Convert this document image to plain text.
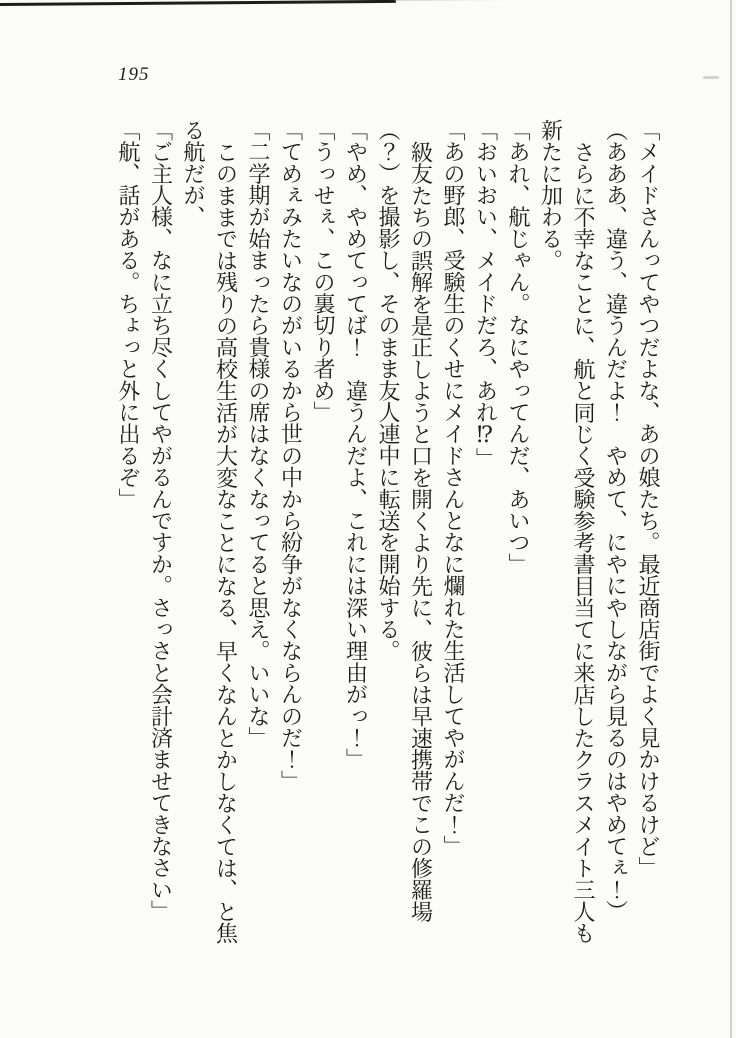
195

「メイドさんってやつだよな、あの娘たち。最近商店街でよく見かけるけど」

（あああ、違う、違うんだよ！　やめて、にやにやしながら見るのはやめてぇ！）

さらに不幸なことに、航と同じく受験参考書目当てに来店したクラスメイト三人も

新たに加わる。

「あれ、航じゃん。なにやってんだ、あいつ」

「おいおい、メイドだろ、あれ⁉」

「あの野郎、受験生のくせにメイドさんとなに爛れた生活してやがんだ！」

級友たちの誤解を是正しようと口を開くより先に、彼らは早速携帯でこの修羅場

（？）を撮影し、そのまま友人連中に転送を開始する。

「やめ、やめてってば！　違うんだよ、これには深い理由がっ！」

「うっせぇ、この裏切り者め」

「てめぇみたいなのがいるから世の中から紛争がなくならんのだ！」

「二学期が始まったら貴様の席はなくなってると思え。いいな」

このままでは残りの高校生活が大変なことになる、早くなんとかしなくては、と焦

る航だが、

「ご主人様、なに立ち尽くしてやがるんですか。さっさと会計済ませてきなさい」

「航、話がある。ちょっと外に出るぞ」
